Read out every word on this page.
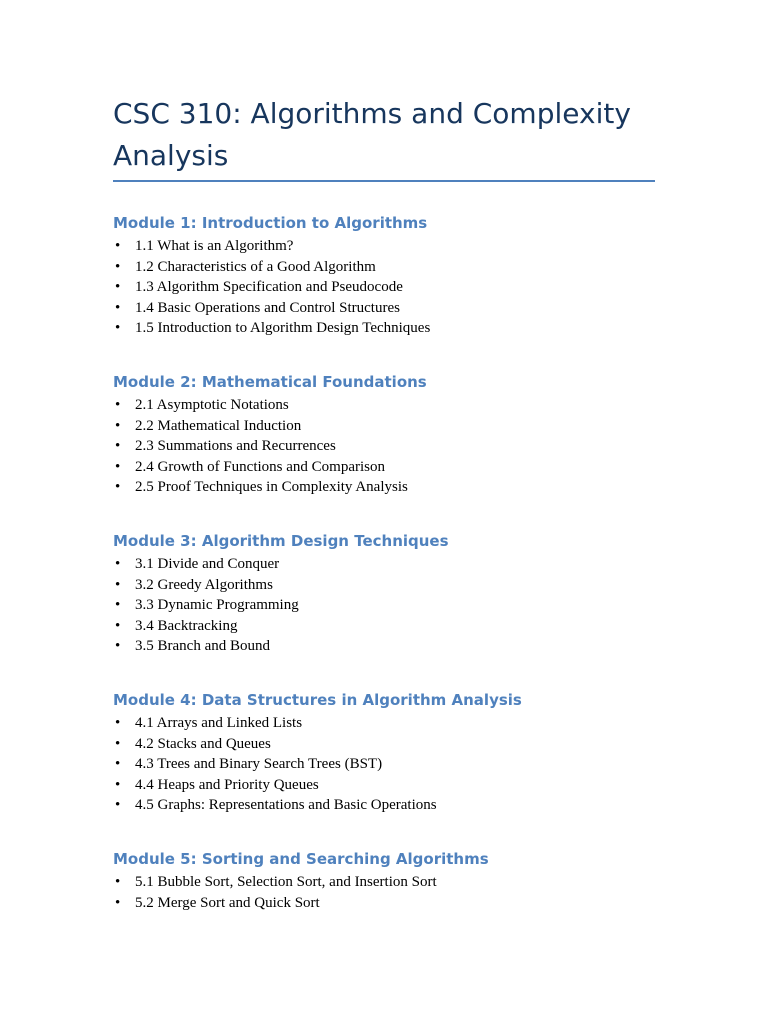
CSC 310: Algorithms and Complexity Analysis
Module 1: Introduction to Algorithms
• 1.1 What is an Algorithm?
• 1.2 Characteristics of a Good Algorithm
• 1.3 Algorithm Specification and Pseudocode
• 1.4 Basic Operations and Control Structures
• 1.5 Introduction to Algorithm Design Techniques
Module 2: Mathematical Foundations
• 2.1 Asymptotic Notations
• 2.2 Mathematical Induction
• 2.3 Summations and Recurrences
• 2.4 Growth of Functions and Comparison
• 2.5 Proof Techniques in Complexity Analysis
Module 3: Algorithm Design Techniques
• 3.1 Divide and Conquer
• 3.2 Greedy Algorithms
• 3.3 Dynamic Programming
• 3.4 Backtracking
• 3.5 Branch and Bound
Module 4: Data Structures in Algorithm Analysis
• 4.1 Arrays and Linked Lists
• 4.2 Stacks and Queues
• 4.3 Trees and Binary Search Trees (BST)
• 4.4 Heaps and Priority Queues
• 4.5 Graphs: Representations and Basic Operations
Module 5: Sorting and Searching Algorithms
• 5.1 Bubble Sort, Selection Sort, and Insertion Sort
• 5.2 Merge Sort and Quick Sort
